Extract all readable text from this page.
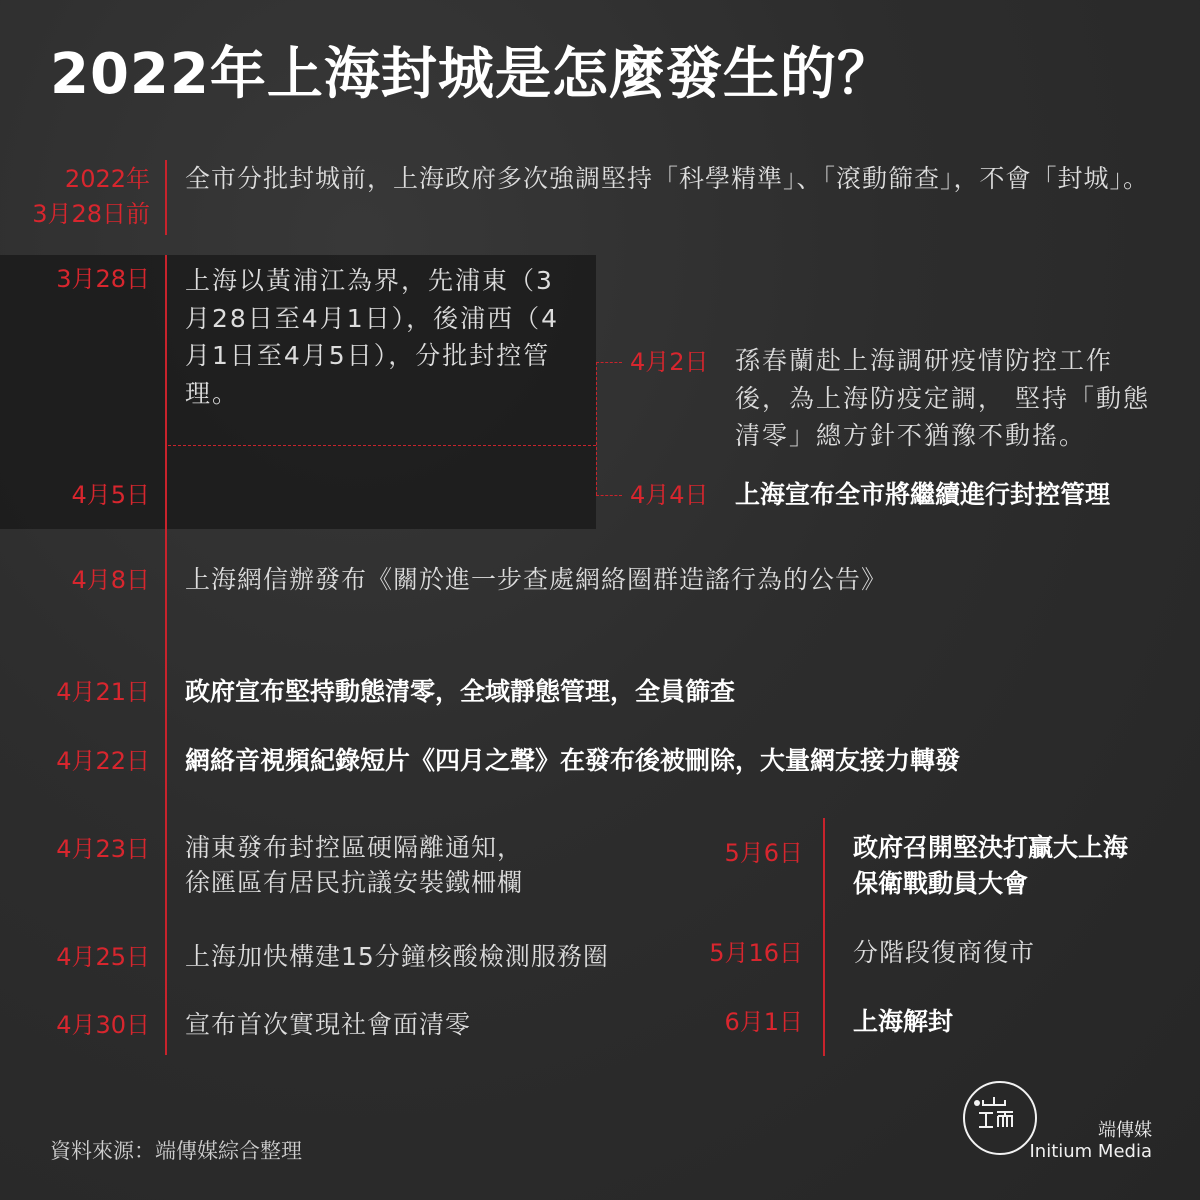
2022年上海封城是怎麼發生的？
2022年
3月28日前
全市分批封城前，上海政府多次強調堅持「科學精準」、「滾動篩查」，不會「封城」。
3月28日 上海以黃浦江為界，先浦東（3月28日至4月1日），後浦西（4月1日至4月5日），分批封控管理。
4月5日
4月2日 孫春蘭赴上海調研疫情防控工作後，為上海防疫定調， 堅持「動態清零」總方針不猶豫不動搖。
4月4日 上海宣布全市將繼續進行封控管理
4月8日 上海網信辦發布《關於進一步查處網絡圈群造謠行為的公告》
4月21日 政府宣布堅持動態清零，全域靜態管理，全員篩查
4月22日 網絡音視頻紀錄短片《四月之聲》在發布後被刪除，大量網友接力轉發
4月23日 浦東發布封控區硬隔離通知，
徐匯區有居民抗議安裝鐵柵欄
4月25日 上海加快構建15分鐘核酸檢測服務圈
4月30日 宣布首次實現社會面清零
5月6日 政府召開堅決打贏大上海
保衛戰動員大會
5月16日 分階段復商復市
6月1日 上海解封
資料來源：端傳媒綜合整理
端傳媒
Initium Media
